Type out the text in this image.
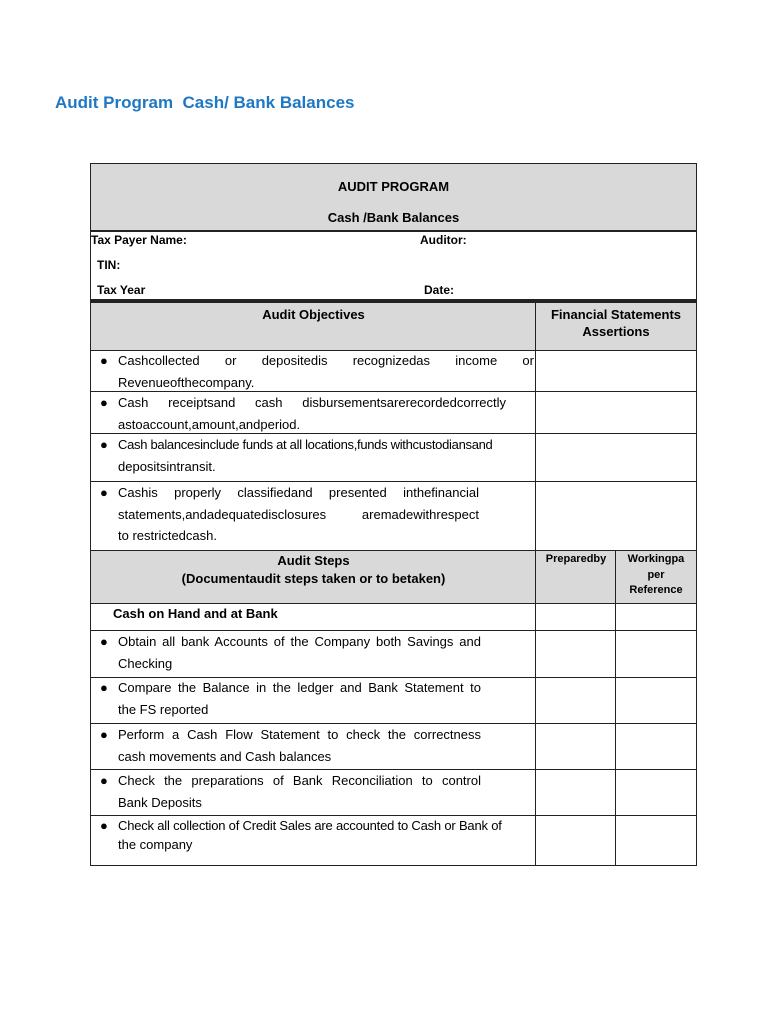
Audit Program  Cash/ Bank Balances
AUDIT PROGRAM
Cash /Bank Balances
Tax Payer Name:	Auditor:
TIN:
Tax Year	Date:
Audit Objectives	Financial Statements
Assertions
● Cashcollected or depositedis recognizedas income or
Revenueofthecompany.
● Cash receiptsand cash disbursementsarerecordedcorrectly
astoaccount,amount,andperiod.
● Cash balancesinclude funds at all locations,funds withcustodiansand
depositsintransit.
● Cashis properly classifiedand presented inthefinancial
statements,andadequatedisclosures aremadewithrespect
to restrictedcash.
Audit Steps
(Documentaudit steps taken or to betaken)
Preparedby	Workingpa
per
Reference
Cash on Hand and at Bank
● Obtain all bank Accounts of the Company both Savings and
Checking
● Compare the Balance in the ledger and Bank Statement to
the FS reported
● Perform a Cash Flow Statement to check the correctness
cash movements and Cash balances
● Check the preparations of Bank Reconciliation to control
Bank Deposits
● Check all collection of Credit Sales are accounted to Cash or Bank of
the company
